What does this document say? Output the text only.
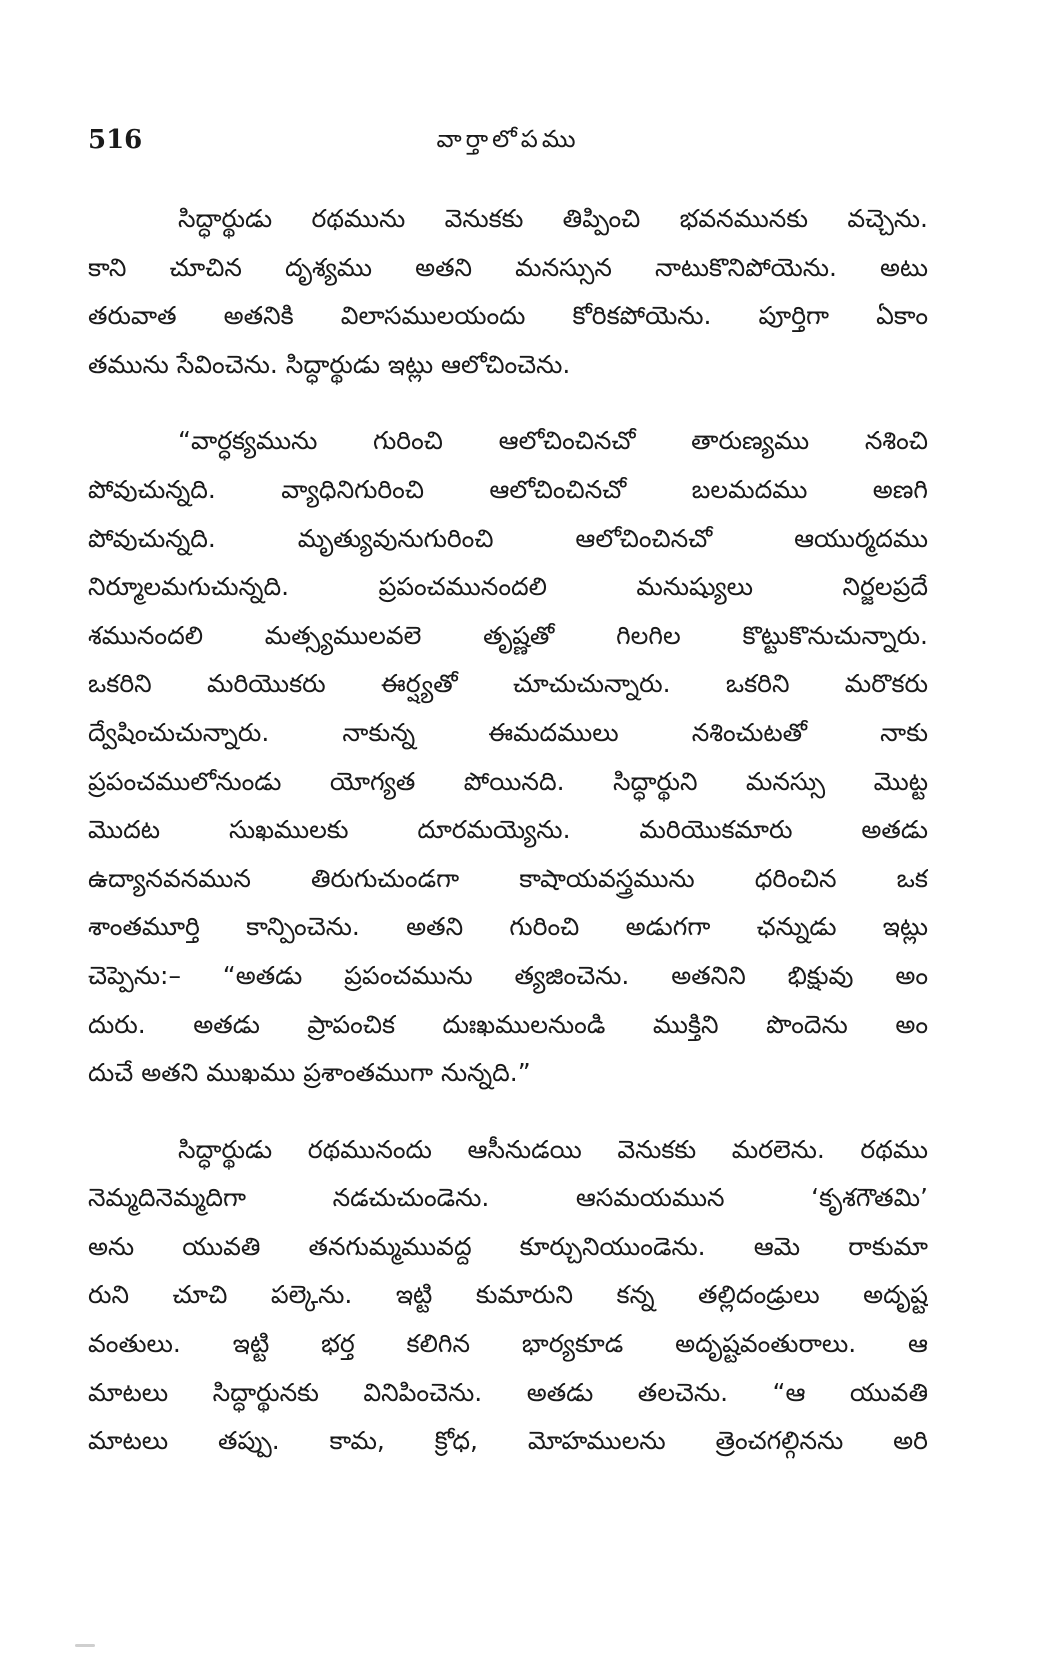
516	వార్తాలోపము
సిద్ధార్థుడు రథమును వెనుకకు తిప్పించి భవనమునకు వచ్చెను.
కాని చూచిన దృశ్యము అతని మనస్సున నాటుకొనిపోయెను. అటు
తరువాత అతనికి విలాసములయందు కోరికపోయెను. పూర్తిగా ఏకాం
తమును సేవించెను. సిద్ధార్థుడు ఇట్లు ఆలోచించెను.
“వార్ధక్యమును గురించి ఆలోచించినచో తారుణ్యము నశించి
పోవుచున్నది. వ్యాధినిగురించి ఆలోచించినచో బలమదము అణగి
పోవుచున్నది. మృత్యువునుగురించి ఆలోచించినచో ఆయుర్మదము
నిర్మూలమగుచున్నది. ప్రపంచమునందలి మనుష్యులు నిర్జలప్రదే
శమునందలి మత్స్యములవలె తృష్ణతో గిలగిల కొట్టుకొనుచున్నారు.
ఒకరిని మరియొకరు ఈర్ష్యతో చూచుచున్నారు. ఒకరిని మరొకరు
ద్వేషించుచున్నారు. నాకున్న ఈమదములు నశించుటతో నాకు
ప్రపంచములోనుండు యోగ్యత పోయినది. సిద్ధార్థుని మనస్సు మొట్ట
మొదట సుఖములకు దూరమయ్యెను. మరియొకమారు అతడు
ఉద్యానవనమున తిరుగుచుండగా కాషాయవస్త్రమును ధరించిన ఒక
శాంతమూర్తి కాన్పించెను. అతని గురించి అడుగగా ఛన్నుడు ఇట్లు
చెప్పెను:– “అతడు ప్రపంచమును త్యజించెను. అతనిని భిక్షువు అం
దురు. అతడు ప్రాపంచిక దుఃఖములనుండి ముక్తిని పొందెను అం
దుచే అతని ముఖము ప్రశాంతముగా నున్నది.”
సిద్ధార్థుడు రథమునందు ఆసీనుడయి వెనుకకు మరలెను. రథము
నెమ్మదినెమ్మదిగా నడచుచుండెను. ఆసమయమున ‘కృశగౌతమి’
అను యువతి తనగుమ్మమువద్ద కూర్చునియుండెను. ఆమె రాకుమా
రుని చూచి పల్కెను. ఇట్టి కుమారుని కన్న తల్లిదండ్రులు అదృష్ట
వంతులు. ఇట్టి భర్త కలిగిన భార్యకూడ అదృష్టవంతురాలు. ఆ
మాటలు సిద్ధార్థునకు వినిపించెను. అతడు తలచెను. “ఆ యువతి
మాటలు తప్పు. కామ, క్రోధ, మోహములను త్రెంచగల్గినను అరి
